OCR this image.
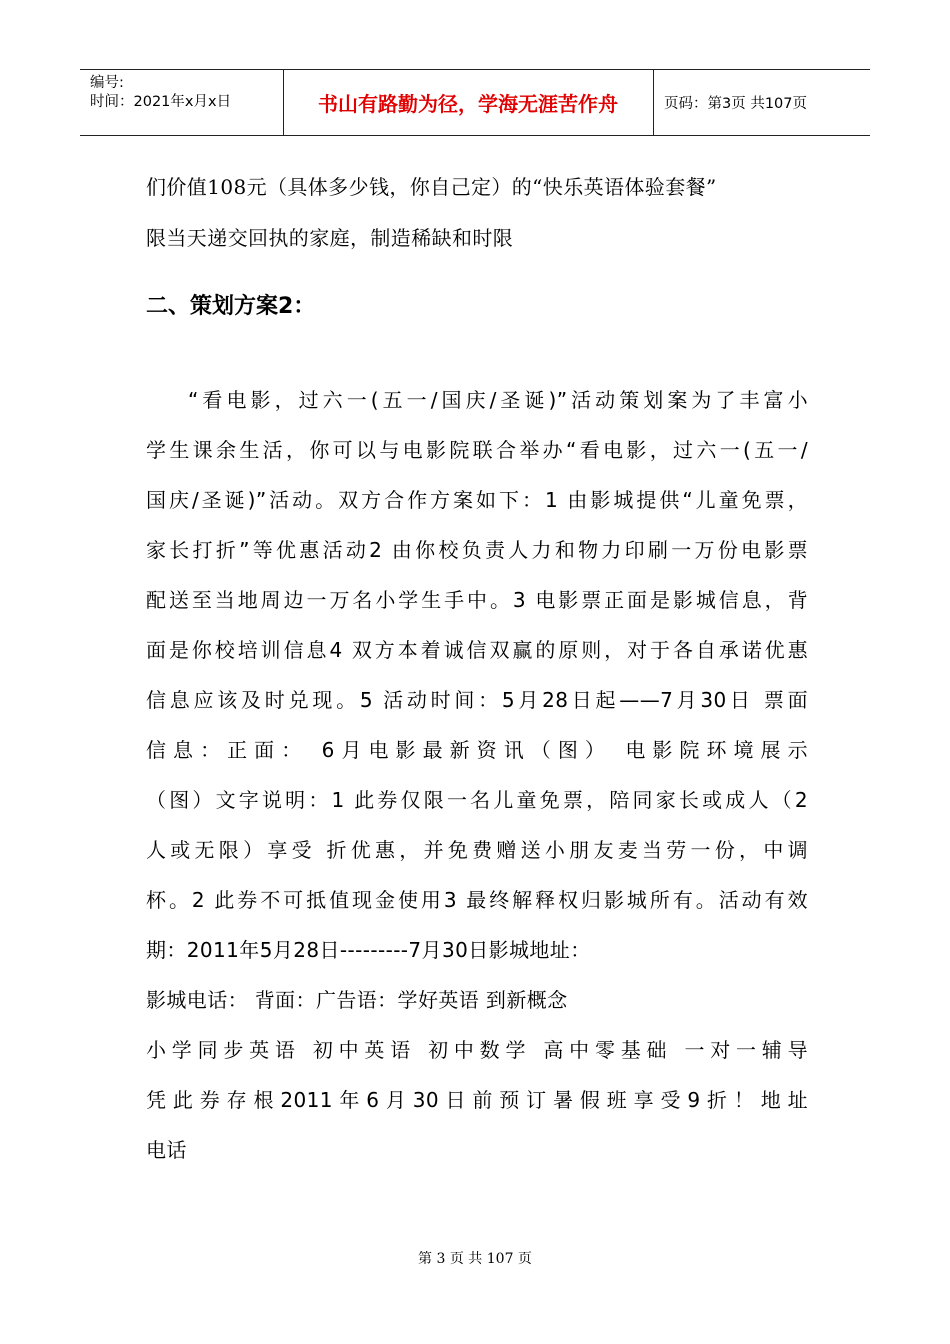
编号:
时间：2021年x月x日	书山有路勤为径，学海无涯苦作舟	页码：第3页 共107页
们价值108元（具体多少钱，你自己定）的“快乐英语体验套餐”
限当天递交回执的家庭，制造稀缺和时限
二、策划方案2：
“看电影，过六一(五一/国庆/圣诞)”活动策划案为了丰富小
学生课余生活，你可以与电影院联合举办“看电影，过六一(五一/
国庆/圣诞)”活动。双方合作方案如下：1 由影城提供“儿童免票，
家长打折”等优惠活动2 由你校负责人力和物力印刷一万份电影票
配送至当地周边一万名小学生手中。3 电影票正面是影城信息，背
面是你校培训信息4 双方本着诚信双赢的原则，对于各自承诺优惠
信息应该及时兑现。5 活动时间：5月28日起——7月30日 票面
信息：正面： 6月电影最新资讯（图） 电影院环境展示
（图）文字说明：1 此券仅限一名儿童免票，陪同家长或成人（2
人或无限）享受 折优惠，并免费赠送小朋友麦当劳一份，中调
杯。2 此券不可抵值现金使用3 最终解释权归影城所有。活动有效
期：2011年5月28日---------7月30日影城地址：
影城电话： 背面：广告语：学好英语 到新概念
小学同步英语 初中英语 初中数学 高中零基础 一对一辅导
凭此券存根2011年6月30日前预订暑假班享受9折！地址
电话
第 3 页 共 107 页
